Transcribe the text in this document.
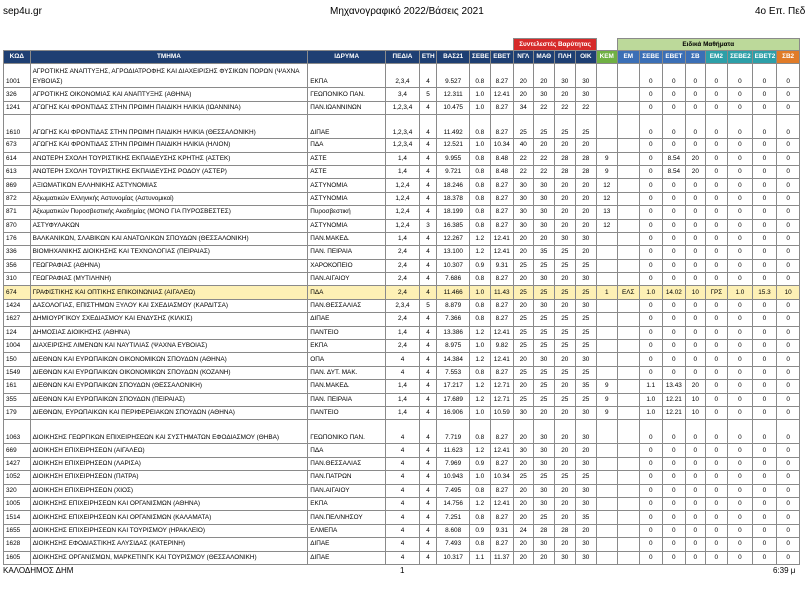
sep4u.gr	Μηχανογραφικό 2022/Βάσεις 2021	4ο Επ. Πεδ
								Συντελεστές Βαρύτητας					Ειδικά Μαθήματα							
ΚΩΔ	ΤΜΗΜΑ	ΙΔΡΥΜΑ	ΠΕΔΙΑ	ΕΤΗ	ΒΑΣ21	ΣΕΒΕ	ΕΒΕΤ	ΝΓΛ	ΜΑΘ	ΠΛΗ	ΟΙΚ	ΚΕΜ	ΕΜ	ΣΕΒΕ	ΕΒΕΤ	ΣΒ	ΕΜ2	ΣΕΒΕ2	ΕΒΕΤ2	ΣΒ2
1001	ΑΓΡΟΤΙΚΗΣ ΑΝΑΠΤΥΞΗΣ, ΑΓΡΟΔΙΑΤΡΟΦΗΣ ΚΑΙ ΔΙΑΧΕΙΡΙΣΗΣ ΦΥΣΙΚΩΝ ΠΟΡΩΝ (ΨΑΧΝΑ ΕΥΒΟΙΑΣ)	ΕΚΠΑ	2,3,4	4	9.527	0.8	8.27	20	20	30	30			0	0	0	0	0	0	0
326	ΑΓΡΟΤΙΚΗΣ ΟΙΚΟΝΟΜΙΑΣ ΚΑΙ ΑΝΑΠΤΥΞΗΣ (ΑΘΗΝΑ)	ΓΕΩΠΟΝΙΚΟ ΠΑΝ.	3,4	5	12.311	1.0	12.41	20	30	20	30			0	0	0	0	0	0	0
1241	ΑΓΩΓΗΣ ΚΑΙ ΦΡΟΝΤΙΔΑΣ ΣΤΗΝ ΠΡΩΙΜΗ ΠΑΙΔΙΚΗ ΗΛΙΚΙΑ (ΙΩΑΝΝΙΝΑ)	ΠΑΝ.ΙΩΑΝΝΙΝΩΝ	1,2,3,4	4	10.475	1.0	8.27	34	22	22	22			0	0	0	0	0	0	0
1610	ΑΓΩΓΗΣ ΚΑΙ ΦΡΟΝΤΙΔΑΣ ΣΤΗΝ ΠΡΩΙΜΗ ΠΑΙΔΙΚΗ ΗΛΙΚΙΑ (ΘΕΣΣΑΛΟΝΙΚΗ)	ΔΙΠΑΕ	1,2,3,4	4	11.492	0.8	8.27	25	25	25	25			0	0	0	0	0	0	0
673	ΑΓΩΓΗΣ ΚΑΙ ΦΡΟΝΤΙΔΑΣ ΣΤΗΝ ΠΡΩΙΜΗ ΠΑΙΔΙΚΗ ΗΛΙΚΙΑ (ΗΛΙΟΝ)	ΠΔΑ	1,2,3,4	4	12.521	1.0	10.34	40	20	20	20			0	0	0	0	0	0	0
614	ΑΝΩΤΕΡΗ ΣΧΟΛΗ ΤΟΥΡΙΣΤΙΚΗΣ ΕΚΠΑΙΔΕΥΣΗΣ ΚΡΗΤΗΣ (ΑΣΤΕΚ)	ΑΣΤΕ	1,4	4	9.955	0.8	8.48	22	22	28	28	9		0	8.54	20	0	0	0	0
613	ΑΝΩΤΕΡΗ ΣΧΟΛΗ ΤΟΥΡΙΣΤΙΚΗΣ ΕΚΠΑΙΔΕΥΣΗΣ ΡΟΔΟΥ (ΑΣΤΕΡ)	ΑΣΤΕ	1,4	4	9.721	0.8	8.48	22	22	28	28	9		0	8.54	20	0	0	0	0
869	ΑΞΙΩΜΑΤΙΚΩΝ ΕΛΛΗΝΙΚΗΣ ΑΣΤΥΝΟΜΙΑΣ	ΑΣΤΥΝΟΜΙΑ	1,2,4	4	18.246	0.8	8.27	30	30	20	20	12		0	0	0	0	0	0	0
872	Αξιωματικών Ελληνικής Αστυνομίας (Αστυνομικοί)	ΑΣΤΥΝΟΜΙΑ	1,2,4	4	18.378	0.8	8.27	30	30	20	20	12		0	0	0	0	0	0	0
871	Αξιωματικών Πυροσβεστικής Ακαδημίας (ΜΟΝΟ ΓΙΑ ΠΥΡΟΣΒΕΣΤΕΣ)	Πυροσβεστική	1,2,4	4	18.199	0.8	8.27	30	30	20	20	13		0	0	0	0	0	0	0
870	ΑΣΤΥΦΥΛΑΚΩΝ	ΑΣΤΥΝΟΜΙΑ	1,2,4	3	16.385	0.8	8.27	30	30	20	20	12		0	0	0	0	0	0	0
176	ΒΑΛΚΑΝΙΚΩΝ, ΣΛΑΒΙΚΩΝ ΚΑΙ ΑΝΑΤΟΛΙΚΩΝ ΣΠΟΥΔΩΝ (ΘΕΣΣΑΛΟΝΙΚΗ)	ΠΑΝ.ΜΑΚΕΔ.	1,4	4	12.267	1.2	12.41	20	20	30	30			0	0	0	0	0	0	0
336	ΒΙΟΜΗΧΑΝΙΚΗΣ ΔΙΟΙΚΗΣΗΣ ΚΑΙ ΤΕΧΝΟΛΟΓΙΑΣ (ΠΕΙΡΑΙΑΣ)	ΠΑΝ. ΠΕΙΡΑΙΑ	2,4	4	13.100	1.2	12.41	20	35	25	20			0	0	0	0	0	0	0
356	ΓΕΩΓΡΑΦΙΑΣ (ΑΘΗΝΑ)	ΧΑΡΟΚΟΠΕΙΟ	2,4	4	10.307	0.9	9.31	25	25	25	25			0	0	0	0	0	0	0
310	ΓΕΩΓΡΑΦΙΑΣ (ΜΥΤΙΛΗΝΗ)	ΠΑΝ.ΑΙΓΑΙΟΥ	2,4	4	7.686	0.8	8.27	20	30	20	30			0	0	0	0	0	0	0
674	ΓΡΑΦΙΣΤΙΚΗΣ ΚΑΙ ΟΠΤΙΚΗΣ ΕΠΙΚΟΙΝΩΝΙΑΣ (ΑΙΓΑΛΕΩ)	ΠΔΑ	2,4	4	11.466	1.0	11.43	25	25	25	25	1	ΕΛΣ	1.0	14.02	10	ΓΡΣ	1.0	15.3	10
1424	ΔΑΣΟΛΟΓΙΑΣ, ΕΠΙΣΤΗΜΩΝ ΞΥΛΟΥ ΚΑΙ ΣΧΕΔΙΑΣΜΟΥ (ΚΑΡΔΙΤΣΑ)	ΠΑΝ.ΘΕΣΣΑΛΙΑΣ	2,3,4	5	8.879	0.8	8.27	20	30	20	30			0	0	0	0	0	0	0
1627	ΔΗΜΙΟΥΡΓΙΚΟΥ ΣΧΕΔΙΑΣΜΟΥ ΚΑΙ ΕΝΔΥΣΗΣ (ΚΙΛΚΙΣ)	ΔΙΠΑΕ	2,4	4	7.366	0.8	8.27	25	25	25	25			0	0	0	0	0	0	0
124	ΔΗΜΟΣΙΑΣ ΔΙΟΙΚΗΣΗΣ (ΑΘΗΝΑ)	ΠΑΝΤΕΙΟ	1,4	4	13.386	1.2	12.41	25	25	25	25			0	0	0	0	0	0	0
1004	ΔΙΑΧΕΙΡΙΣΗΣ ΛΙΜΕΝΩΝ ΚΑΙ ΝΑΥΤΙΛΙΑΣ (ΨΑΧΝΑ ΕΥΒΟΙΑΣ)	ΕΚΠΑ	2,4	4	8.975	1.0	9.82	25	25	25	25			0	0	0	0	0	0	0
150	ΔΙΕΘΝΩΝ ΚΑΙ ΕΥΡΩΠΑΙΚΩΝ ΟΙΚΟΝΟΜΙΚΩΝ ΣΠΟΥΔΩΝ (ΑΘΗΝΑ)	ΟΠΑ	4	4	14.384	1.2	12.41	20	30	20	30			0	0	0	0	0	0	0
1549	ΔΙΕΘΝΩΝ ΚΑΙ ΕΥΡΩΠΑΙΚΩΝ ΟΙΚΟΝΟΜΙΚΩΝ ΣΠΟΥΔΩΝ (ΚΟΖΑΝΗ)	ΠΑΝ. ΔΥΤ. ΜΑΚ.	4	4	7.553	0.8	8.27	25	25	25	25			0	0	0	0	0	0	0
161	ΔΙΕΘΝΩΝ ΚΑΙ ΕΥΡΩΠΑΙΚΩΝ ΣΠΟΥΔΩΝ (ΘΕΣΣΑΛΟΝΙΚΗ)	ΠΑΝ.ΜΑΚΕΔ.	1,4	4	17.217	1.2	12.71	20	25	20	35	9		1.1	13.43	20	0	0	0	0
355	ΔΙΕΘΝΩΝ ΚΑΙ ΕΥΡΩΠΑΙΚΩΝ ΣΠΟΥΔΩΝ (ΠΕΙΡΑΙΑΣ)	ΠΑΝ. ΠΕΙΡΑΙΑ	1,4	4	17.689	1.2	12.71	25	25	25	25	9		1.0	12.21	10	0	0	0	0
179	ΔΙΕΘΝΩΝ, ΕΥΡΩΠΑΙΚΩΝ ΚΑΙ ΠΕΡΙΦΕΡΕΙΑΚΩΝ ΣΠΟΥΔΩΝ (ΑΘΗΝΑ)	ΠΑΝΤΕΙΟ	1,4	4	16.906	1.0	10.59	30	20	20	30	9		1.0	12.21	10	0	0	0	0
1063	ΔΙΟΙΚΗΣΗΣ ΓΕΩΡΓΙΚΩΝ ΕΠΙΧΕΙΡΗΣΕΩΝ ΚΑΙ ΣΥΣΤΗΜΑΤΩΝ ΕΦΟΔΙΑΣΜΟΥ (ΘΗΒΑ)	ΓΕΩΠΟΝΙΚΟ ΠΑΝ.	4	4	7.719	0.8	8.27	20	30	20	30			0	0	0	0	0	0	0
669	ΔΙΟΙΚΗΣΗ ΕΠΙΧΕΙΡΗΣΕΩΝ (ΑΙΓΑΛΕΩ)	ΠΔΑ	4	4	11.623	1.2	12.41	30	30	20	20			0	0	0	0	0	0	0
1427	ΔΙΟΙΚΗΣΗ ΕΠΙΧΕΙΡΗΣΕΩΝ (ΛΑΡΙΣΑ)	ΠΑΝ.ΘΕΣΣΑΛΙΑΣ	4	4	7.969	0.9	8.27	20	30	20	30			0	0	0	0	0	0	0
1052	ΔΙΟΙΚΗΣΗ ΕΠΙΧΕΙΡΗΣΕΩΝ (ΠΑΤΡΑ)	ΠΑΝ.ΠΑΤΡΩΝ	4	4	10.943	1.0	10.34	25	25	25	25			0	0	0	0	0	0	0
320	ΔΙΟΙΚΗΣΗ ΕΠΙΧΕΙΡΗΣΕΩΝ (ΧΙΟΣ)	ΠΑΝ.ΑΙΓΑΙΟΥ	4	4	7.495	0.8	8.27	20	30	20	30			0	0	0	0	0	0	0
1005	ΔΙΟΙΚΗΣΗΣ ΕΠΙΧΕΙΡΗΣΕΩΝ ΚΑΙ ΟΡΓΑΝΙΣΜΩΝ (ΑΘΗΝΑ)	ΕΚΠΑ	4	4	14.756	1.2	12.41	20	30	20	30			0	0	0	0	0	0	0
1514	ΔΙΟΙΚΗΣΗΣ ΕΠΙΧΕΙΡΗΣΕΩΝ ΚΑΙ ΟΡΓΑΝΙΣΜΩΝ (ΚΑΛΑΜΑΤΑ)	ΠΑΝ.ΠΕΛ/ΝΗΣΟΥ	4	4	7.251	0.8	8.27	20	25	20	35			0	0	0	0	0	0	0
1655	ΔΙΟΙΚΗΣΗΣ ΕΠΙΧΕΙΡΗΣΕΩΝ ΚΑΙ ΤΟΥΡΙΣΜΟΥ (ΗΡΑΚΛΕΙΟ)	ΕΛΜΕΠΑ	4	4	8.608	0.9	9.31	24	28	28	20			0	0	0	0	0	0	0
1628	ΔΙΟΙΚΗΣΗΣ ΕΦΟΔΙΑΣΤΙΚΗΣ ΑΛΥΣΙΔΑΣ (ΚΑΤΕΡΙΝΗ)	ΔΙΠΑΕ	4	4	7.493	0.8	8.27	20	30	20	30			0	0	0	0	0	0	0
1605	ΔΙΟΙΚΗΣΗΣ ΟΡΓΑΝΙΣΜΩΝ, ΜΑΡΚΕΤΙΝΓΚ ΚΑΙ ΤΟΥΡΙΣΜΟΥ (ΘΕΣΣΑΛΟΝΙΚΗ)	ΔΙΠΑΕ	4	4	10.317	1.1	11.37	20	20	30	30			0	0	0	0	0	0	0
ΚΑΛΟΔΗΜΟΣ ΔΗΜ	1	6:39 μ
